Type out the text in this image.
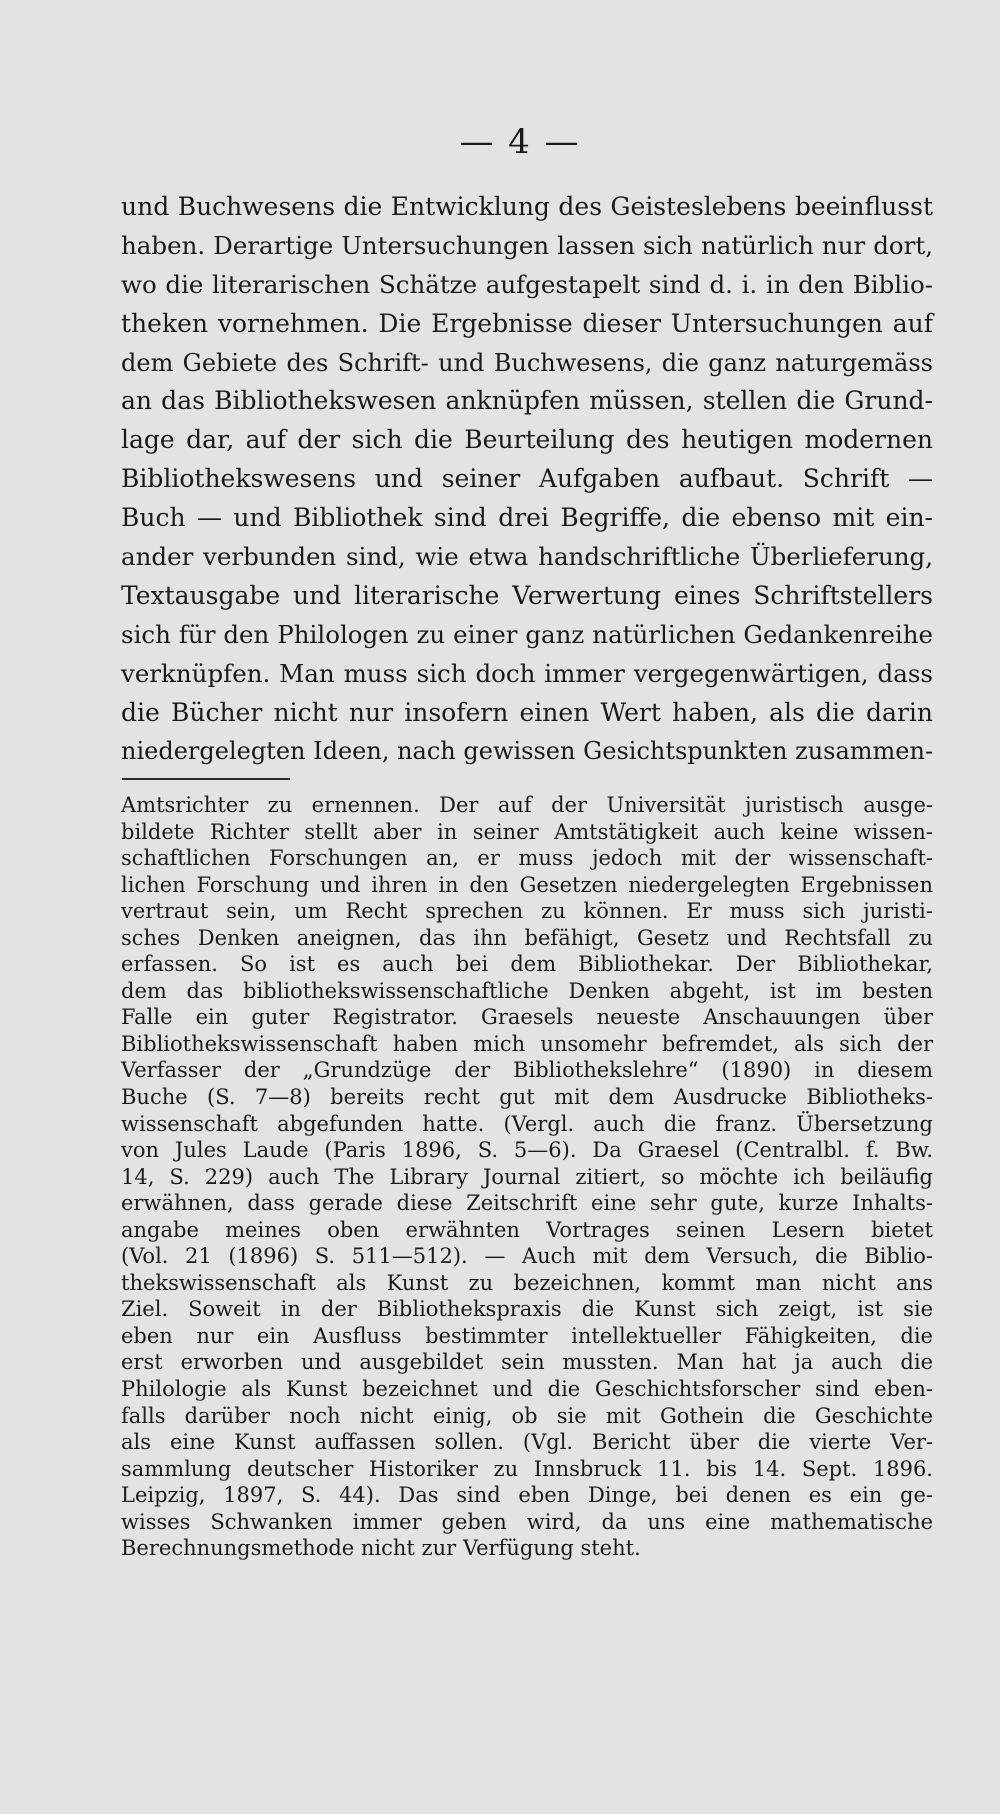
— 4 —
und Buchwesens die Entwicklung des Geisteslebens beeinflusst
haben. Derartige Untersuchungen lassen sich natürlich nur dort,
wo die literarischen Schätze aufgestapelt sind d. i. in den Biblio-
theken vornehmen. Die Ergebnisse dieser Untersuchungen auf
dem Gebiete des Schrift- und Buchwesens, die ganz naturgemäss
an das Bibliothekswesen anknüpfen müssen, stellen die Grund-
lage dar, auf der sich die Beurteilung des heutigen modernen
Bibliothekswesens und seiner Aufgaben aufbaut. Schrift —
Buch — und Bibliothek sind drei Begriffe, die ebenso mit ein-
ander verbunden sind, wie etwa handschriftliche Überlieferung,
Textausgabe und literarische Verwertung eines Schriftstellers
sich für den Philologen zu einer ganz natürlichen Gedankenreihe
verknüpfen. Man muss sich doch immer vergegenwärtigen, dass
die Bücher nicht nur insofern einen Wert haben, als die darin
niedergelegten Ideen, nach gewissen Gesichtspunkten zusammen-
Amtsrichter zu ernennen. Der auf der Universität juristisch ausge-
bildete Richter stellt aber in seiner Amtstätigkeit auch keine wissen-
schaftlichen Forschungen an, er muss jedoch mit der wissenschaft-
lichen Forschung und ihren in den Gesetzen niedergelegten Ergebnissen
vertraut sein, um Recht sprechen zu können. Er muss sich juristi-
sches Denken aneignen, das ihn befähigt, Gesetz und Rechtsfall zu
erfassen. So ist es auch bei dem Bibliothekar. Der Bibliothekar,
dem das bibliothekswissenschaftliche Denken abgeht, ist im besten
Falle ein guter Registrator. Graesels neueste Anschauungen über
Bibliothekswissenschaft haben mich unsomehr befremdet, als sich der
Verfasser der „Grundzüge der Bibliothekslehre“ (1890) in diesem
Buche (S. 7—8) bereits recht gut mit dem Ausdrucke Bibliotheks-
wissenschaft abgefunden hatte. (Vergl. auch die franz. Übersetzung
von Jules Laude (Paris 1896, S. 5—6). Da Graesel (Centralbl. f. Bw.
14, S. 229) auch The Library Journal zitiert, so möchte ich beiläufig
erwähnen, dass gerade diese Zeitschrift eine sehr gute, kurze Inhalts-
angabe meines oben erwähnten Vortrages seinen Lesern bietet
(Vol. 21 (1896) S. 511—512). — Auch mit dem Versuch, die Biblio-
thekswissenschaft als Kunst zu bezeichnen, kommt man nicht ans
Ziel. Soweit in der Bibliothekspraxis die Kunst sich zeigt, ist sie
eben nur ein Ausfluss bestimmter intellektueller Fähigkeiten, die
erst erworben und ausgebildet sein mussten. Man hat ja auch die
Philologie als Kunst bezeichnet und die Geschichtsforscher sind eben-
falls darüber noch nicht einig, ob sie mit Gothein die Geschichte
als eine Kunst auffassen sollen. (Vgl. Bericht über die vierte Ver-
sammlung deutscher Historiker zu Innsbruck 11. bis 14. Sept. 1896.
Leipzig, 1897, S. 44). Das sind eben Dinge, bei denen es ein ge-
wisses Schwanken immer geben wird, da uns eine mathematische
Berechnungsmethode nicht zur Verfügung steht.
